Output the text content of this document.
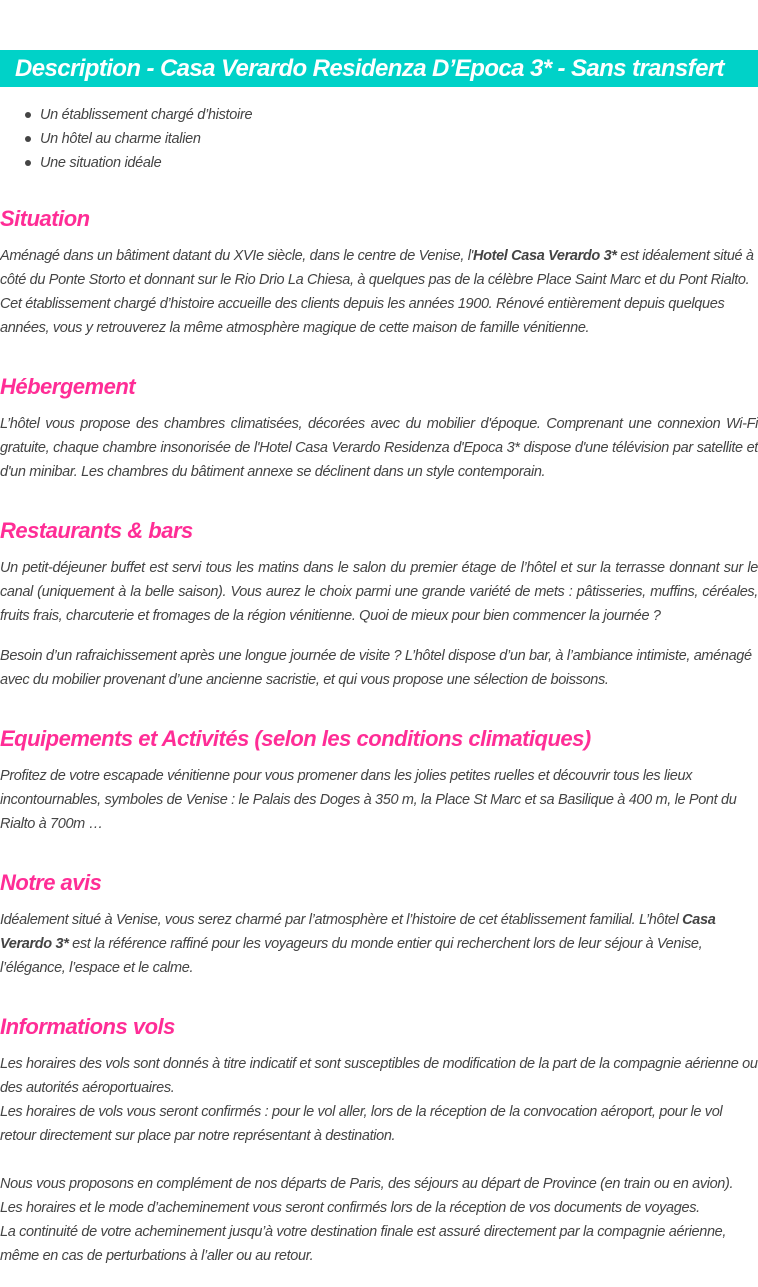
Description - Casa Verardo Residenza D’Epoca 3* - Sans transfert
Un établissement chargé d’histoire
Un hôtel au charme italien
Une situation idéale
Situation

Aménagé dans un bâtiment datant du XVIe siècle, dans le centre de Venise, l'Hotel Casa Verardo 3* est idéalement situé à côté du Ponte Storto et donnant sur le Rio Drio La Chiesa, à quelques pas de la célèbre Place Saint Marc et du Pont Rialto. Cet établissement chargé d’histoire accueille des clients depuis les années 1900. Rénové entièrement depuis quelques années, vous y retrouverez la même atmosphère magique de cette maison de famille vénitienne.

Hébergement

L’hôtel vous propose des chambres climatisées, décorées avec du mobilier d'époque. Comprenant une connexion Wi-Fi gratuite, chaque chambre insonorisée de l'Hotel Casa Verardo Residenza d'Epoca 3* dispose d'une télévision par satellite et d'un minibar. Les chambres du bâtiment annexe se déclinent dans un style contemporain.

Restaurants & bars

Un petit-déjeuner buffet est servi tous les matins dans le salon du premier étage de l’hôtel et sur la terrasse donnant sur le canal (uniquement à la belle saison). Vous aurez le choix parmi une grande variété de mets : pâtisseries, muffins, céréales, fruits frais, charcuterie et fromages de la région vénitienne. Quoi de mieux pour bien commencer la journée ?

Besoin d’un rafraichissement après une longue journée de visite ? L’hôtel dispose d’un bar, à l’ambiance intimiste, aménagé avec du mobilier provenant d’une ancienne sacristie, et qui vous propose une sélection de boissons.

Equipements et Activités (selon les conditions climatiques)

Profitez de votre escapade vénitienne pour vous promener dans les jolies petites ruelles et découvrir tous les lieux incontournables, symboles de Venise : le Palais des Doges à 350 m, la Place St Marc et sa Basilique à 400 m, le Pont du Rialto à 700m …

Notre avis

Idéalement situé à Venise, vous serez charmé par l’atmosphère et l’histoire de cet établissement familial. L’hôtel Casa Verardo 3* est la référence raffiné pour les voyageurs du monde entier qui recherchent lors de leur séjour à Venise, l’élégance, l’espace et le calme.

Informations vols

Les horaires des vols sont donnés à titre indicatif et sont susceptibles de modification de la part de la compagnie aérienne ou des autorités aéroportuaires.

Les horaires de vols vous seront confirmés : pour le vol aller, lors de la réception de la convocation aéroport, pour le vol retour directement sur place par notre représentant à destination.

Nous vous proposons en complément de nos départs de Paris, des séjours au départ de Province (en train ou en avion).

Les horaires et le mode d’acheminement vous seront confirmés lors de la réception de vos documents de voyages.

La continuité de votre acheminement jusqu’à votre destination finale est assuré directement par la compagnie aérienne, même en cas de perturbations à l’aller ou au retour.
